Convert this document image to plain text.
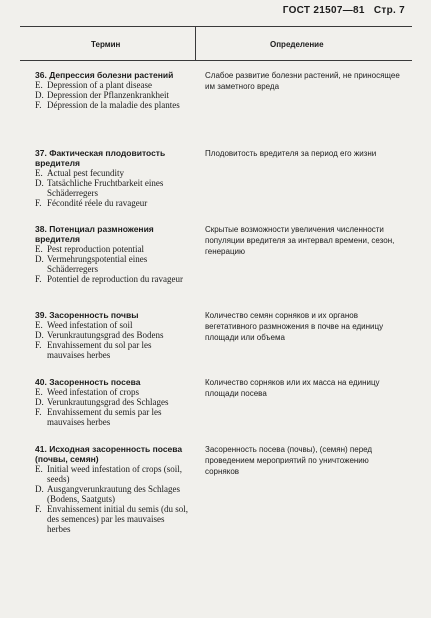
ГОСТ 21507—81 Стр. 7
Термин	Определение
36. Депрессия болезни растений
E. Depression of a plant disease
D. Depression der Pflanzenkrankheit
F. Dépression de la maladie des plantes
Слабое развитие болезни растений, не приносящее им заметного вреда
37. Фактическая плодовитость вредителя
E. Actual pest fecundity
D. Tatsächliche Fruchtbarkeit eines Schäderregers
F. Fécondité réele du ravageur
Плодовитость вредителя за период его жизни
38. Потенциал размножения вредителя
E. Pest reproduction potential
D. Vermehrungspotential eines Schäderregers
F. Potentiel de reproduction du ravageur
Скрытые возможности увеличения численности популяции вредителя за интервал времени, сезон, генерацию
39. Засоренность почвы
E. Weed infestation of soil
D. Verunkrautungsgrad des Bodens
F. Envahissement du sol par les mauvaises herbes
Количество семян сорняков и их органов вегетативного размножения в почве на единицу площади или объема
40. Засоренность посева
E. Weed infestation of crops
D. Verunkrautungsgrad des Schlages
F. Envahissement du semis par les mauvaises herbes
Количество сорняков или их масса на единицу площади посева
41. Исходная засоренность посева (почвы, семян)
E. Initial weed infestation of crops (soil, seeds)
D. Ausgangverunkrautung des Schlages (Bodens, Saatguts)
F. Envahissement initial du semis (du sol, des semences) par les mauvaises herbes
Засоренность посева (почвы), (семян) перед проведением мероприятий по уничтожению сорняков
